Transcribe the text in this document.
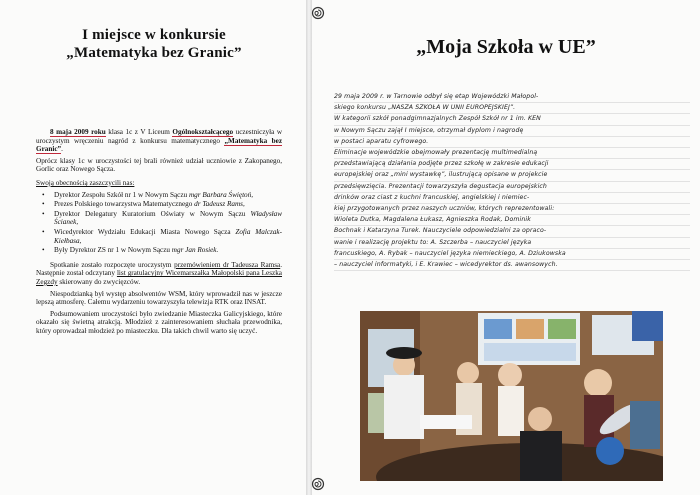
I miejsce w konkursie
„Matematyka bez Granic”

8 maja 2009 roku klasa 1c z V Liceum Ogólnokształcącego uczestniczyła w uroczystym wręczeniu nagród z konkursu matematycznego „Matematyka bez Granic”.

Oprócz klasy 1c w uroczystości tej brali również udział uczniowie z Zakopanego, Gorlic oraz Nowego Sącza.

Swoją obecnością zaszczycili nas:

• Dyrektor Zespołu Szkół nr 1 w Nowym Sączu mgr Barbara Świętoń,
• Prezes Polskiego towarzystwa Matematycznego dr Tadeusz Rams,
• Dyrektor Delegatury Kuratorium Oświaty w Nowym Sączu Władysław Ścianek,
• Wicedyrektor Wydziału Edukacji Miasta Nowego Sącza Zofia Malczak-Kiełbasa,
• Były Dyrektor ZS nr 1 w Nowym Sączu mgr Jan Rosiek.

Spotkanie zostało rozpoczęte uroczystym przemówieniem dr Tadeusza Ramsa. Następnie został odczytany list gratulacyjny Wicemarszałka Małopolski pana Leszka Zegzdy skierowany do zwycięzców.

Niespodzianką był występ absolwentów WSM, który wprowadził nas w jeszcze lepszą atmosferę. Całemu wydarzeniu towarzyszyła telewizja RTK oraz INSAT.

Podsumowaniem uroczystości było zwiedzanie Miasteczka Galicyjskiego, które okazało się świetną atrakcją. Młodzież z zainteresowaniem słuchała przewodnika, który oprowadzał młodzież po miasteczku. Dla takich chwil warto się uczyć.

„Moja Szkoła w UE”
29 maja 2009 r. w Tarnowie odbył się etap Wojewódzki Małopol-
skiego konkursu „NASZA SZKOŁA W UNII EUROPEJSKIEJ”.
W kategorii szkół ponadgimnazjalnych Zespół Szkół nr 1 im. KEN
w Nowym Sączu zajął I miejsce, otrzymał dyplom i nagrodę
w postaci aparatu cyfrowego.
Eliminacje wojewódzkie obejmowały prezentację multimedialną
przedstawiającą działania podjęte przez szkołę w zakresie edukacji
europejskiej oraz „mini wystawkę”, ilustrującą opisane w projekcie
przedsięwzięcia. Prezentacji towarzyszyła degustacja europejskich
drinków oraz ciast z kuchni francuskiej, angielskiej i niemiec-
kiej przygotowanych przez naszych uczniów, których reprezentowali:
Wioleta Dutka, Magdalena Łukasz, Agnieszka Rodak, Dominik
Bochnak i Katarzyna Turek. Nauczyciele odpowiedzialni za opraco-
wanie i realizację projektu to: A. Szczerba – nauczyciel języka
francuskiego, A. Rybak – nauczyciel języka niemieckiego, A. Dziukowska
– nauczyciel informatyki, i E. Krawiec – wicedyrektor ds. awansowych.
